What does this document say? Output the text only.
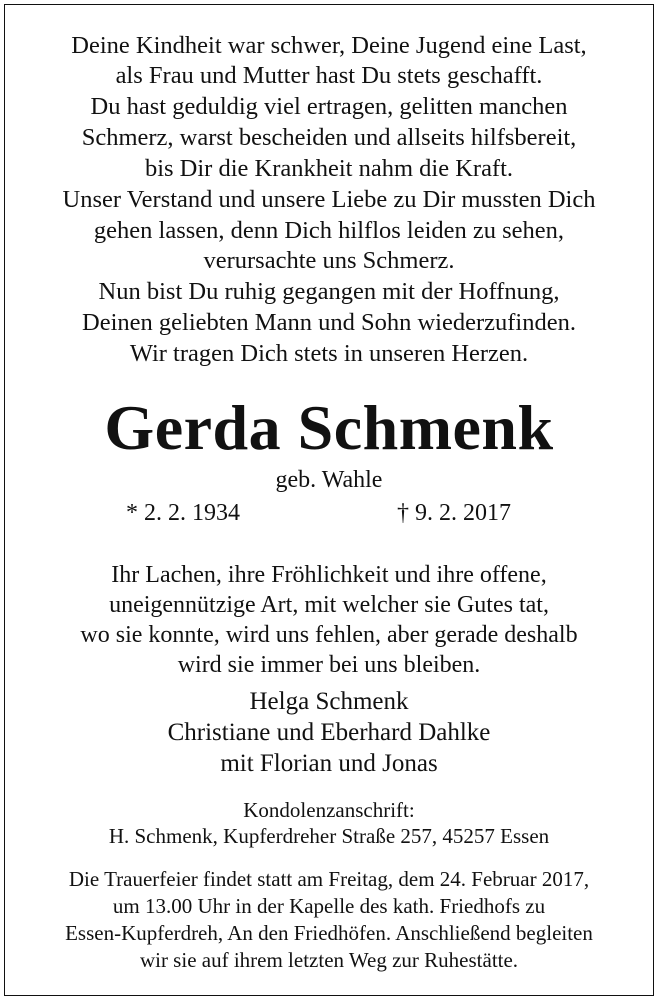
Deine Kindheit war schwer, Deine Jugend eine Last,
als Frau und Mutter hast Du stets geschafft.
Du hast geduldig viel ertragen, gelitten manchen
Schmerz, warst bescheiden und allseits hilfsbereit,
bis Dir die Krankheit nahm die Kraft.
Unser Verstand und unsere Liebe zu Dir mussten Dich
gehen lassen, denn Dich hilflos leiden zu sehen,
verursachte uns Schmerz.
Nun bist Du ruhig gegangen mit der Hoffnung,
Deinen geliebten Mann und Sohn wiederzufinden.
Wir tragen Dich stets in unseren Herzen.
Gerda Schmenk
geb. Wahle
* 2. 2. 1934	† 9. 2. 2017
Ihr Lachen, ihre Fröhlichkeit und ihre offene,
uneigennützige Art, mit welcher sie Gutes tat,
wo sie konnte, wird uns fehlen, aber gerade deshalb
wird sie immer bei uns bleiben.
Helga Schmenk
Christiane und Eberhard Dahlke
mit Florian und Jonas
Kondolenzanschrift:
H. Schmenk, Kupferdreher Straße 257, 45257 Essen
Die Trauerfeier findet statt am Freitag, dem 24. Februar 2017,
um 13.00 Uhr in der Kapelle des kath. Friedhofs zu
Essen-Kupferdreh, An den Friedhöfen. Anschließend begleiten
wir sie auf ihrem letzten Weg zur Ruhestätte.
